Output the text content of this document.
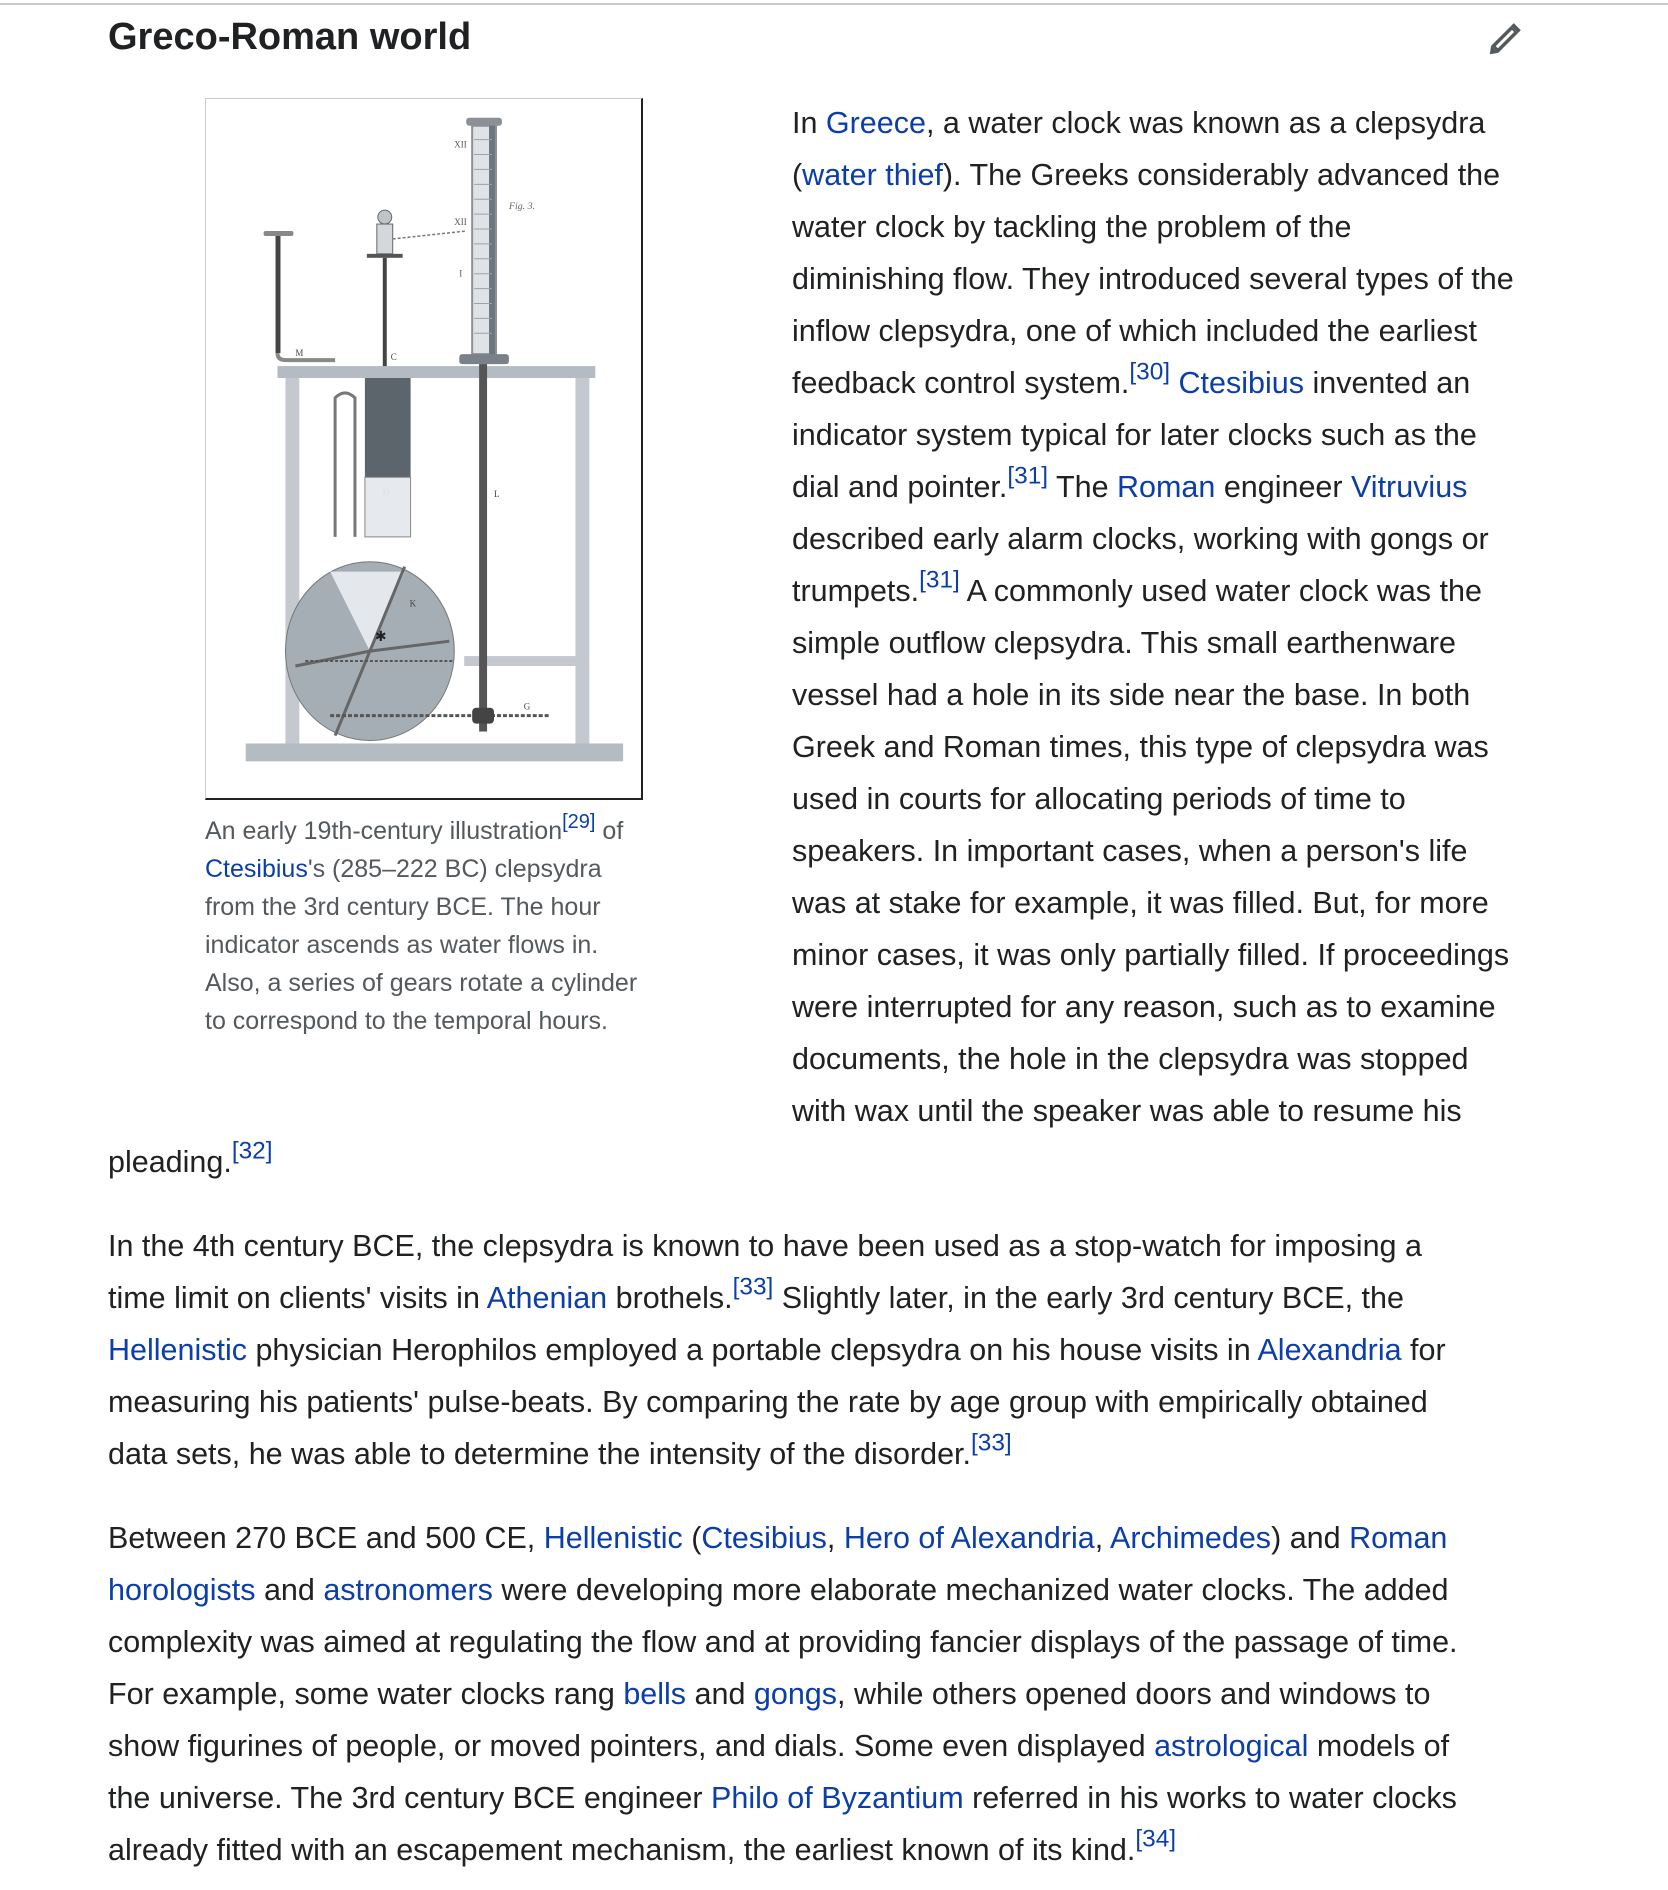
Greco-Roman world
XII
XII
I
Fig. 3.
C
M
D
✱
K
G
L
An early 19th-century illustration[29] of Ctesibius's (285–222 BC) clepsydra from the 3rd century BCE. The hour indicator ascends as water flows in. Also, a series of gears rotate a cylinder to correspond to the temporal hours.

In Greece, a water clock was known as a clepsydra
(water thief). The Greeks considerably advanced the
water clock by tackling the problem of the
diminishing flow. They introduced several types of the
inflow clepsydra, one of which included the earliest
feedback control system.[30] Ctesibius invented an
indicator system typical for later clocks such as the
dial and pointer.[31] The Roman engineer Vitruvius
described early alarm clocks, working with gongs or
trumpets.[31] A commonly used water clock was the
simple outflow clepsydra. This small earthenware
vessel had a hole in its side near the base. In both
Greek and Roman times, this type of clepsydra was
used in courts for allocating periods of time to
speakers. In important cases, when a person's life
was at stake for example, it was filled. But, for more
minor cases, it was only partially filled. If proceedings
were interrupted for any reason, such as to examine
documents, the hole in the clepsydra was stopped
with wax until the speaker was able to resume his

pleading.[32]

In the 4th century BCE, the clepsydra is known to have been used as a stop-watch for imposing a
time limit on clients' visits in Athenian brothels.[33] Slightly later, in the early 3rd century BCE, the
Hellenistic physician Herophilos employed a portable clepsydra on his house visits in Alexandria for
measuring his patients' pulse-beats. By comparing the rate by age group with empirically obtained
data sets, he was able to determine the intensity of the disorder.[33]

Between 270 BCE and 500 CE, Hellenistic (Ctesibius, Hero of Alexandria, Archimedes) and Roman
horologists and astronomers were developing more elaborate mechanized water clocks. The added
complexity was aimed at regulating the flow and at providing fancier displays of the passage of time.
For example, some water clocks rang bells and gongs, while others opened doors and windows to
show figurines of people, or moved pointers, and dials. Some even displayed astrological models of
the universe. The 3rd century BCE engineer Philo of Byzantium referred in his works to water clocks
already fitted with an escapement mechanism, the earliest known of its kind.[34]
